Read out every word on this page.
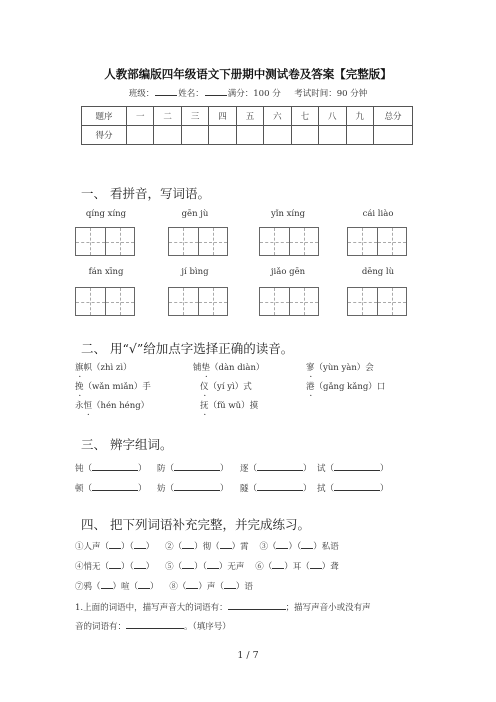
人教部编版四年级语文下册期中测试卷及答案【完整版】
班级：	姓名：	满分：100 分 考试时间：90 分钟
题序	一	二	三	四	五	六	七	八	九	总分
得分										
一、 看拼音，写词语。
qíng xíng	gēn jù	yǐn xíng	cái liào
fán xīng	jí bìng	jiǎo gēn	dēng lù
二、 用“√”给加点字选择正确的读音。
旗帜（zhì zì）	铺垫（dàn diàn）	寥（yùn yàn）会
挽（wǎn miǎn）手	仪（yí yì）式	港（gǎng kǎng）口
永恒（hén héng）	抚（fǔ wǔ）摸
三、 辨字组词。
钝（	） 防（	） 逐（	） 试（	）
顿（	） 妨（	） 隧（	） 拭（	）
四、 把下列词语补充完整，并完成练习。
①人声（ ）（ ） ②（ ）彻（ ）霄 ③（ ）（ ）私语
④悄无（ ）（ ） ⑤（ ）（ ）无声 ⑥（ ）耳（ ）聋
⑦鸦（ ）喧（ ） ⑧（ ）声（ ）语
1.上面的词语中，描写声音大的词语有：	；描写声音小或没有声
音的词语有：	。（填序号）
1 / 7
